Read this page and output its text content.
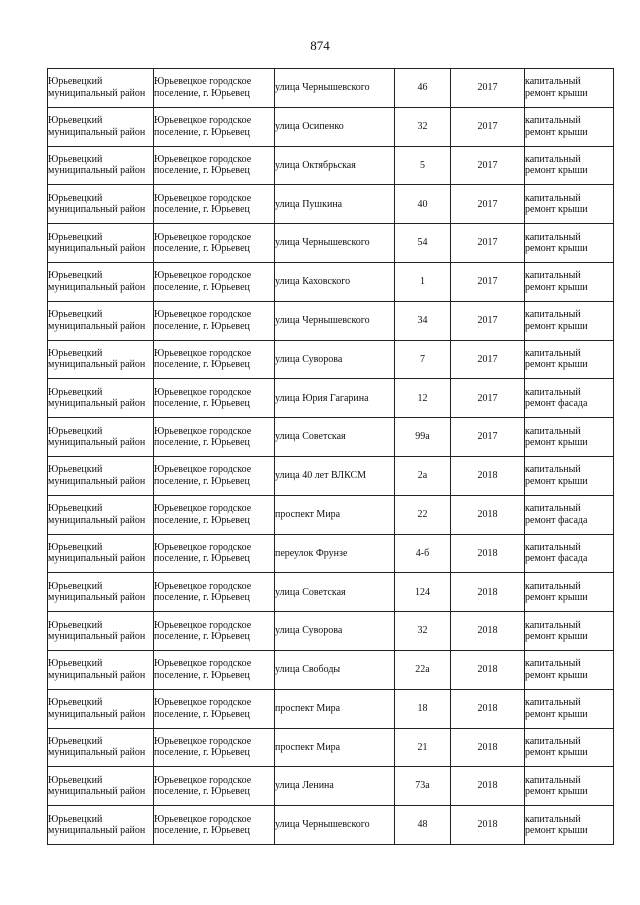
874
Юрьевецкий муниципальный район	Юрьевецкое городское поселение, г. Юрьевец	улица Чернышевского	46	2017	капитальный ремонт крыши
Юрьевецкий муниципальный район	Юрьевецкое городское поселение, г. Юрьевец	улица Осипенко	32	2017	капитальный ремонт крыши
Юрьевецкий муниципальный район	Юрьевецкое городское поселение, г. Юрьевец	улица Октябрьская	5	2017	капитальный ремонт крыши
Юрьевецкий муниципальный район	Юрьевецкое городское поселение, г. Юрьевец	улица Пушкина	40	2017	капитальный ремонт крыши
Юрьевецкий муниципальный район	Юрьевецкое городское поселение, г. Юрьевец	улица Чернышевского	54	2017	капитальный ремонт крыши
Юрьевецкий муниципальный район	Юрьевецкое городское поселение, г. Юрьевец	улица Каховского	1	2017	капитальный ремонт крыши
Юрьевецкий муниципальный район	Юрьевецкое городское поселение, г. Юрьевец	улица Чернышевского	34	2017	капитальный ремонт крыши
Юрьевецкий муниципальный район	Юрьевецкое городское поселение, г. Юрьевец	улица Суворова	7	2017	капитальный ремонт крыши
Юрьевецкий муниципальный район	Юрьевецкое городское поселение, г. Юрьевец	улица Юрия Гагарина	12	2017	капитальный ремонт фасада
Юрьевецкий муниципальный район	Юрьевецкое городское поселение, г. Юрьевец	улица Советская	99а	2017	капитальный ремонт крыши
Юрьевецкий муниципальный район	Юрьевецкое городское поселение, г. Юрьевец	улица 40 лет ВЛКСМ	2а	2018	капитальный ремонт крыши
Юрьевецкий муниципальный район	Юрьевецкое городское поселение, г. Юрьевец	проспект Мира	22	2018	капитальный ремонт фасада
Юрьевецкий муниципальный район	Юрьевецкое городское поселение, г. Юрьевец	переулок Фрунзе	4-б	2018	капитальный ремонт фасада
Юрьевецкий муниципальный район	Юрьевецкое городское поселение, г. Юрьевец	улица Советская	124	2018	капитальный ремонт крыши
Юрьевецкий муниципальный район	Юрьевецкое городское поселение, г. Юрьевец	улица Суворова	32	2018	капитальный ремонт крыши
Юрьевецкий муниципальный район	Юрьевецкое городское поселение, г. Юрьевец	улица Свободы	22а	2018	капитальный ремонт крыши
Юрьевецкий муниципальный район	Юрьевецкое городское поселение, г. Юрьевец	проспект Мира	18	2018	капитальный ремонт крыши
Юрьевецкий муниципальный район	Юрьевецкое городское поселение, г. Юрьевец	проспект Мира	21	2018	капитальный ремонт крыши
Юрьевецкий муниципальный район	Юрьевецкое городское поселение, г. Юрьевец	улица Ленина	73а	2018	капитальный ремонт крыши
Юрьевецкий муниципальный район	Юрьевецкое городское поселение, г. Юрьевец	улица Чернышевского	48	2018	капитальный ремонт крыши
